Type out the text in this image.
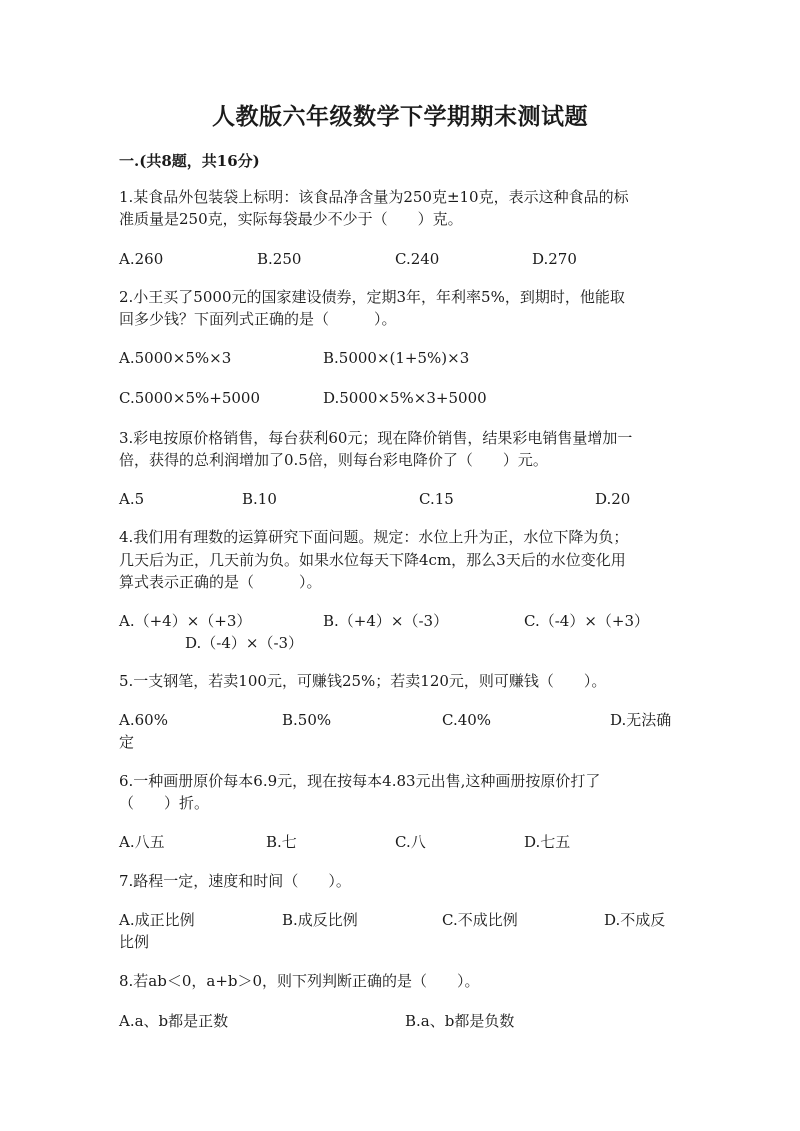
人教版六年级数学下学期期末测试题
一.(共8题，共16分)
1.某食品外包装袋上标明：该食品净含量为250克±10克，表示这种食品的标
准质量是250克，实际每袋最少不少于（　　）克。
A.260	B.250	C.240	D.270
2.小王买了5000元的国家建设债券，定期3年，年利率5%，到期时，他能取
回多少钱？下面列式正确的是（　　　）。
A.5000×5%×3	B.5000×(1+5%)×3
C.5000×5%+5000	D.5000×5%×3+5000
3.彩电按原价格销售，每台获利60元；现在降价销售，结果彩电销售量增加一
倍，获得的总利润增加了0.5倍，则每台彩电降价了（　　）元。
A.5	B.10	C.15	D.20
4.我们用有理数的运算研究下面问题。规定：水位上升为正，水位下降为负；
几天后为正，几天前为负。如果水位每天下降4cm，那么3天后的水位变化用
算式表示正确的是（　　　）。
A.（+4）×（+3）	B.（+4）×（-3）	C.（-4）×（+3）
D.（-4）×（-3）
5.一支钢笔，若卖100元，可赚钱25%；若卖120元，则可赚钱（　　）。
A.60%	B.50%	C.40%	D.无法确
定
6.一种画册原价每本6.9元，现在按每本4.83元出售,这种画册按原价打了
（　　）折。
A.八五	B.七	C.八	D.七五
7.路程一定，速度和时间（　　）。
A.成正比例	B.成反比例	C.不成比例	D.不成反
比例
8.若ab＜0，a+b＞0，则下列判断正确的是（　　）。
A.a、b都是正数	B.a、b都是负数
